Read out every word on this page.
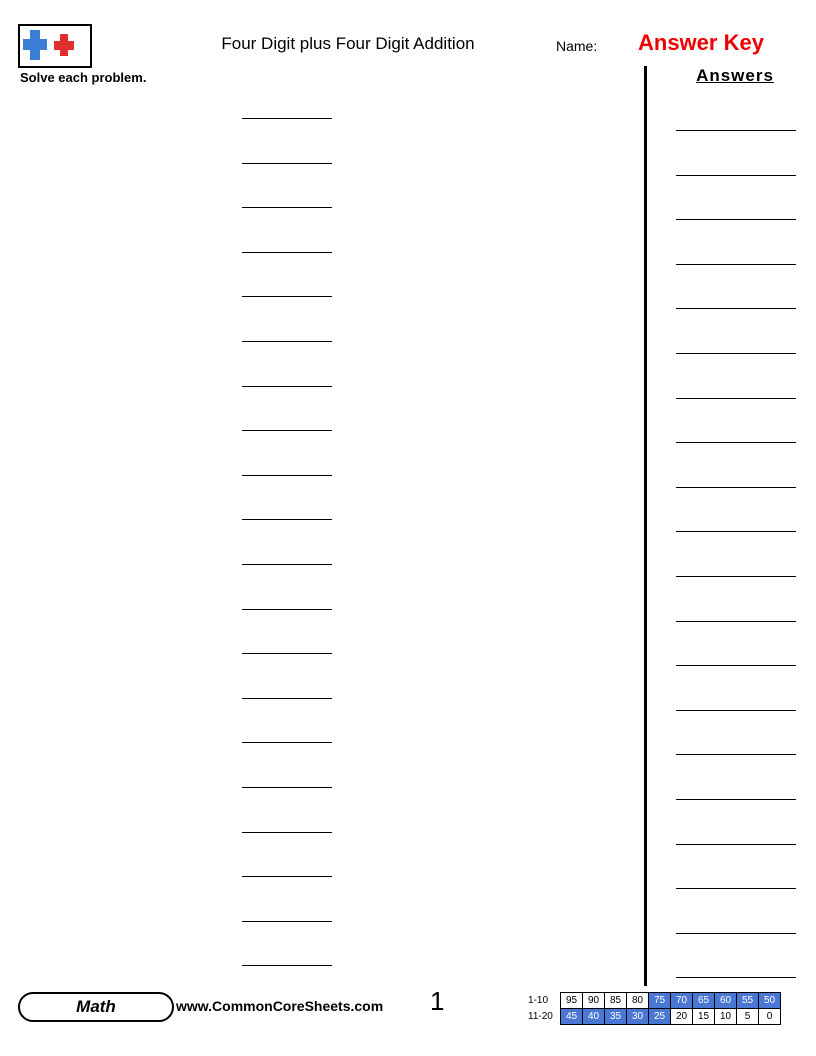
Four Digit plus Four Digit Addition	Name: Answer Key
Solve each problem.	Answers
Math	www.CommonCoreSheets.com 1	1-10	95	90	85	80	75	70	65	60	55	50
11-20	45	40	35	30	25	20	15	10	5	0
